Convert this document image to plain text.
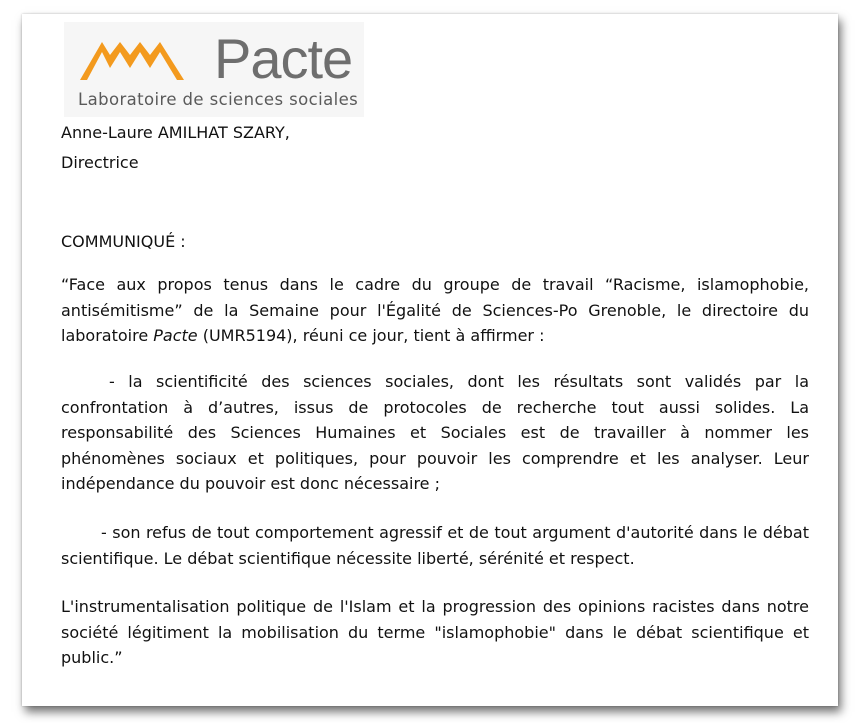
Pacte
Laboratoire de sciences sociales
Anne-Laure AMILHAT SZARY,
Directrice
COMMUNIQUÉ :

“Face aux propos tenus dans le cadre du groupe de travail “Racisme, islamophobie, antisémitisme” de la Semaine pour l'Égalité de Sciences-Po Grenoble, le directoire du laboratoire Pacte (UMR5194), réuni ce jour, tient à affirmer :

- la scientificité des sciences sociales, dont les résultats sont validés par la confrontation à d’autres, issus de protocoles de recherche tout aussi solides. La responsabilité des Sciences Humaines et Sociales est de travailler à nommer les phénomènes sociaux et politiques, pour pouvoir les comprendre et les analyser. Leur indépendance du pouvoir est donc nécessaire ;

- son refus de tout comportement agressif et de tout argument d'autorité dans le débat scientifique. Le débat scientifique nécessite liberté, sérénité et respect.

L'instrumentalisation politique de l'Islam et la progression des opinions racistes dans notre société légitiment la mobilisation du terme "islamophobie" dans le débat scientifique et public.”
